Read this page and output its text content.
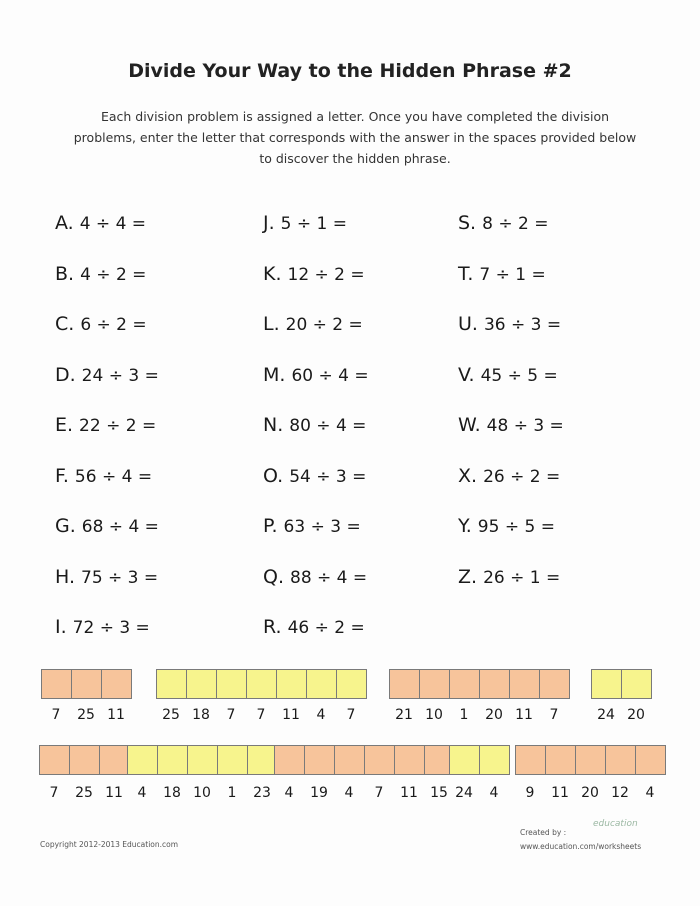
Divide Your Way to the Hidden Phrase #2
Each division problem is assigned a letter. Once you have completed the division problems, enter the letter that corresponds with the answer in the spaces provided below to discover the hidden phrase.
A. 4 ÷ 4 =
B. 4 ÷ 2 =
C. 6 ÷ 2 =
D. 24 ÷ 3 =
E. 22 ÷ 2 =
F. 56 ÷ 4 =
G. 68 ÷ 4 =
H. 75 ÷ 3 =
I. 72 ÷ 3 =
J. 5 ÷ 1 =
K. 12 ÷ 2 =
L. 20 ÷ 2 =
M. 60 ÷ 4 =
N. 80 ÷ 4 =
O. 54 ÷ 3 =
P. 63 ÷ 3 =
Q. 88 ÷ 4 =
R. 46 ÷ 2 =
S. 8 ÷ 2 =
T. 7 ÷ 1 =
U. 36 ÷ 3 =
V. 45 ÷ 5 =
W. 48 ÷ 3 =
X. 26 ÷ 2 =
Y. 95 ÷ 5 =
Z. 26 ÷ 1 =
7	25 11	25 18	7	7	11	4	7	21 10	1	20 11	7	24 20
7	25 11	4	18 10	1	23 4	19	4	7	11 15 24	4	9	11 20 12	4
Copyright 2012-2013 Education.com
Created by :
www.education.com/worksheets
education
